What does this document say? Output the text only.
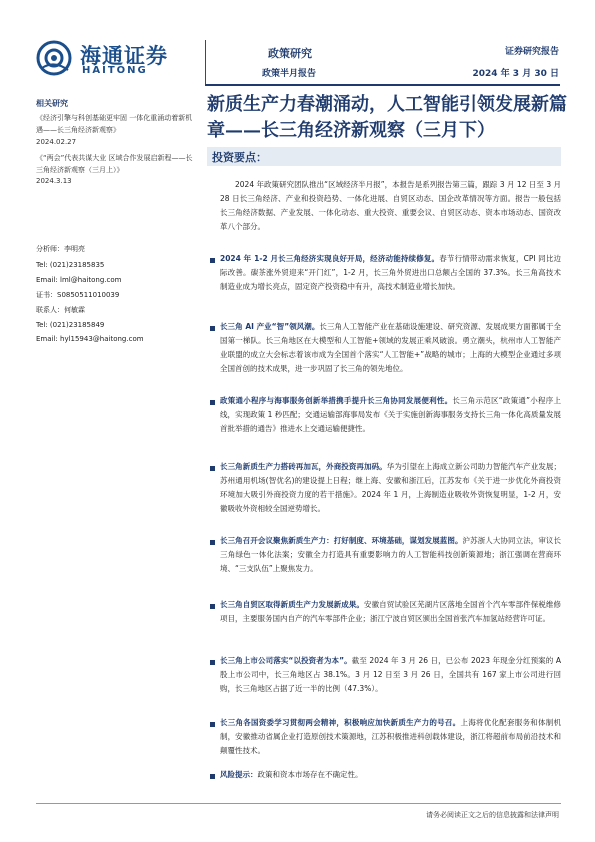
海通证券
HAITONG
政策研究
政策半月报告
证券研究报告
2024 年 3 月 30 日
新质生产力春潮涌动，人工智能引领发展新篇章——长三角经济新观察（三月下）
相关研究
《经济引擎与科创基础更牢固 一体化重涌动着新机遇——长三角经济新观察》
2024.02.27
《“两会”代表共谋大业 区域合作发展启新程——长三角经济新观察（三月上）》
2024.3.13
分析师：李明亮
Tel: (021)23185835
Email: lml@haitong.com
证书：S0850511010039
联系人：何敏霖
Tel: (021)23185849
Email: hyl15943@haitong.com
投资要点：
2024 年政策研究团队推出“区域经济半月报”，本报告是系列报告第三篇，跟踪 3 月 12 日至 3 月 28 日长三角经济、产业和投资趋势、一体化进展、自贸区动态、国企改革情况等方面。报告一般包括长三角经济数据、产业发展、一体化动态、重大投资、重要会议、自贸区动态、资本市场动态、国资改革八个部分。
2024 年 1-2 月长三角经济实现良好开局，经济动能持续修复。春节行情带动需求恢复，CPI 同比边际改善。碳茶涨外贸迎来“开门红”，1-2 月，长三角外贸进出口总额占全国的 37.3%。长三角高技术制造业成为增长亮点，固定资产投资稳中有升，高技术制造业增长加快。
长三角 AI 产业“智”领风潮。长三角人工智能产业在基础设施建设、研究资源、发展成果方面都属于全国第一梯队。长三角地区在大模型和人工智能+领域的发展正乘风破浪。勇立潮头，杭州市人工智能产业联盟的成立大会标志着该市成为全国首个落实“人工智能+”战略的城市；上海的大模型企业通过多项全国首创的技术成果，进一步巩固了长三角的领先地位。
政策通小程序与海事服务创新举措携手提升长三角协同发展便利性。长三角示范区“政策通”小程序上线，实现政策 1 秒匹配；交通运输部海事局发布《关于实施创新海事服务支持长三角一体化高质量发展首批举措的通告》推进水上交通运输便捷性。
长三角新质生产力搭砖再加瓦，外商投资再加码。华为引望在上海成立新公司助力智能汽车产业发展；苏州通用机场(智优名)的建设提上日程；继上海、安徽和浙江后，江苏发布《关于进一步优化外商投资环境加大吸引外商投资力度的若干措施》。2024 年 1 月，上海制造业吸收外资恢复明显，1-2 月，安徽吸收外资相较全国逆势增长。
长三角召开会议聚焦新质生产力：打好制度、环境基础，谋划发展蓝图。沪苏浙人大协同立法，审议长三角绿色一体化法案；安徽全力打造具有重要影响力的人工智能科技创新策源地；浙江强调在营商环境、“三支队伍”上聚焦发力。
长三角自贸区取得新质生产力发展新成果。安徽自贸试验区芜湖片区落地全国首个汽车零部件保税维修项目，主要服务国内自产的汽车零部件企业；浙江宁波自贸区颁出全国首张汽车加氢站经营许可证。
长三角上市公司落实“以投资者为本”。截至 2024 年 3 月 26 日，已公布 2023 年现金分红预案的 A 股上市公司中，长三角地区占 38.1%。3 月 12 日至 3 月 26 日，全国共有 167 家上市公司进行回购，长三角地区占据了近一半的比例（47.3%）。
长三角各国资委学习贯彻两会精神，积极响应加快新质生产力的号召。上海将优化配套服务和体制机制，安徽推动省属企业打造原创技术策源地，江苏积极推进科创载体建设，浙江将超前布局前沿技术和颠覆性技术。
风险提示：政策和资本市场存在不确定性。
请务必阅读正文之后的信息披露和法律声明
